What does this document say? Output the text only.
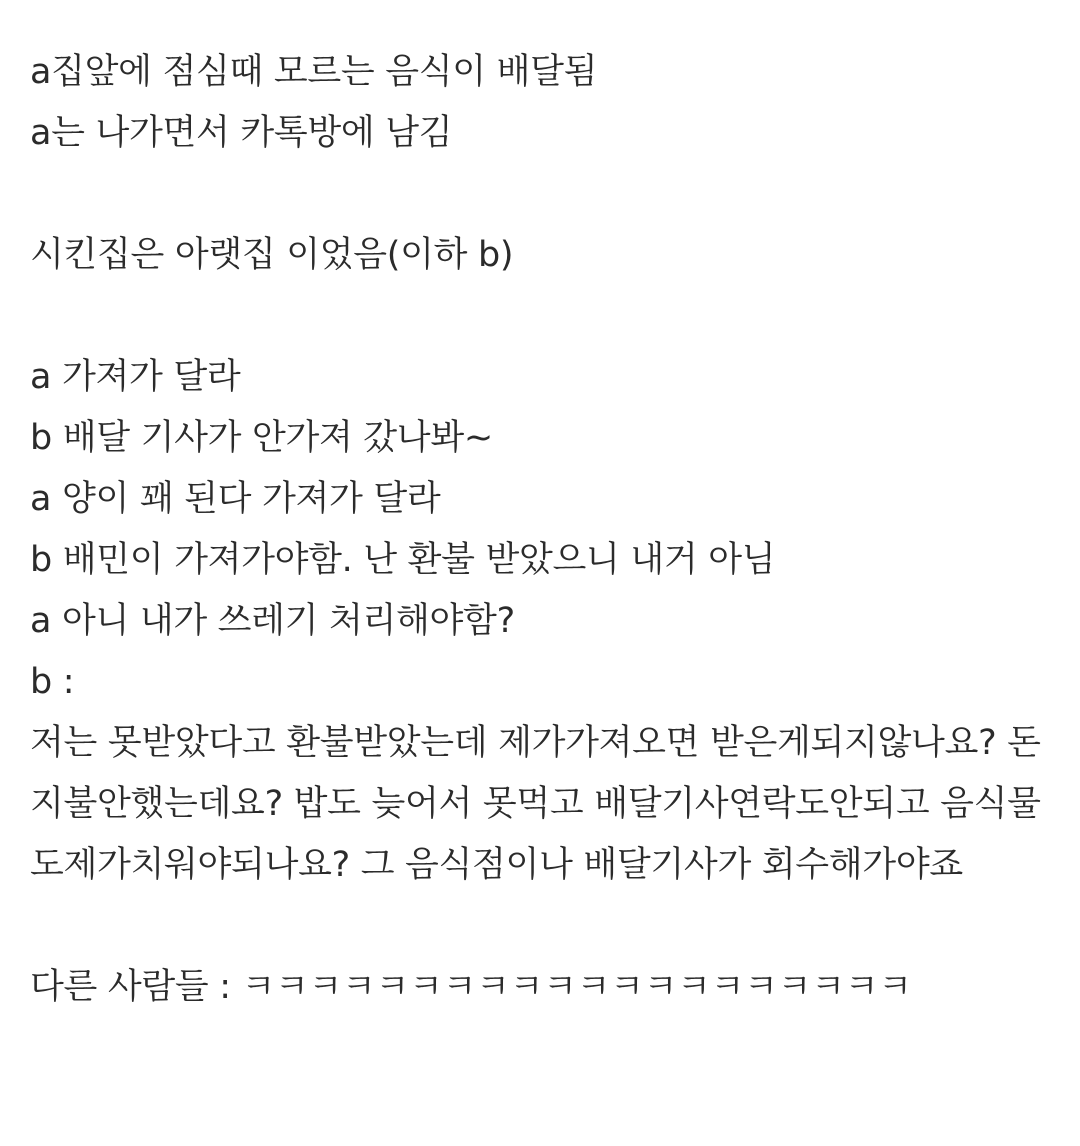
a집앞에 점심때 모르는 음식이 배달됨
a는 나가면서 카톡방에 남김
시킨집은 아랫집 이었음(이하 b)
a 가져가 달라
b 배달 기사가 안가져 갔나봐~
a 양이 꽤 된다 가져가 달라
b 배민이 가져가야함. 난 환불 받았으니 내거 아님
a 아니 내가 쓰레기 처리해야함?
b :
저는 못받았다고 환불받았는데 제가가져오면 받은게되지않나요? 돈지불안했는데요? 밥도 늦어서 못먹고 배달기사연락도안되고 음식물도제가치워야되나요? 그 음식점이나 배달기사가 회수해가야죠
다른 사람들 : ㅋㅋㅋㅋㅋㅋㅋㅋㅋㅋㅋㅋㅋㅋㅋㅋㅋㅋㅋㅋ
